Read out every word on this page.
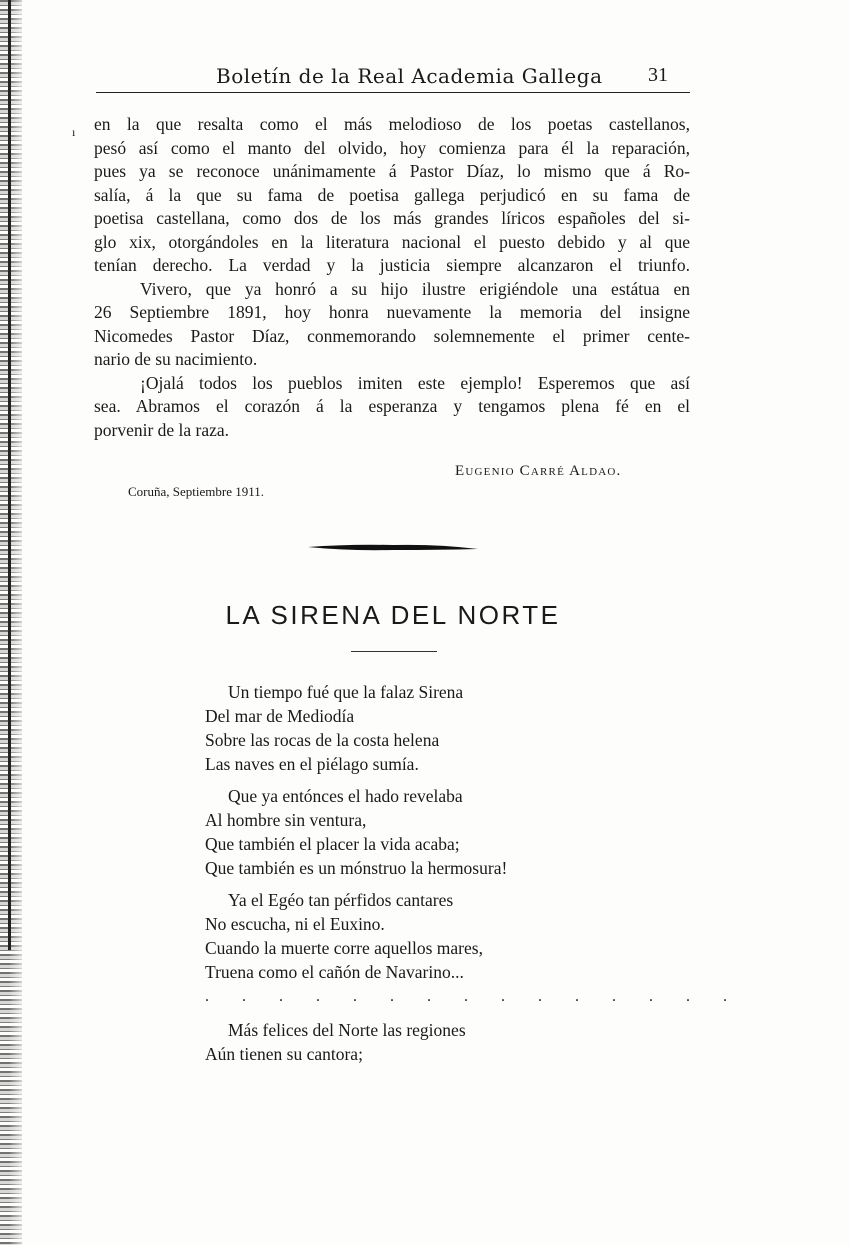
Boletín de la Real Academia Gallega 31
ı en la que resalta como el más melodioso de los poetas castellanos,

pesó así como el manto del olvido, hoy comienza para él la reparación,

pues ya se reconoce unánimamente á Pastor Díaz, lo mismo que á Ro-

salía, á la que su fama de poetisa gallega perjudicó en su fama de

poetisa castellana, como dos de los más grandes líricos españoles del si-

glo xix, otorgándoles en la literatura nacional el puesto debido y al que

tenían derecho. La verdad y la justicia siempre alcanzaron el triunfo.

Vivero, que ya honró a su hijo ilustre erigiéndole una estátua en

26 Septiembre 1891, hoy honra nuevamente la memoria del insigne

Nicomedes Pastor Díaz, conmemorando solemnemente el primer cente-

nario de su nacimiento.

¡Ojalá todos los pueblos imiten este ejemplo! Esperemos que así

sea. Abramos el corazón á la esperanza y tengamos plena fé en el

porvenir de la raza.

Eugenio Carré Aldao.
Coruña, Septiembre 1911.
LA SIRENA DEL NORTE
Un tiempo fué que la falaz Sirena
Del mar de Mediodía
Sobre las rocas de la costa helena
Las naves en el piélago sumía.
Que ya entónces el hado revelaba
Al hombre sin ventura,
Que también el placer la vida acaba;
Que también es un mónstruo la hermosura!
Ya el Egéo tan pérfidos cantares
No escucha, ni el Euxino.
Cuando la muerte corre aquellos mares,
Truena como el cañón de Navarino...
. . . . . . . . . . . . . . .
Más felices del Norte las regiones
Aún tienen su cantora;
